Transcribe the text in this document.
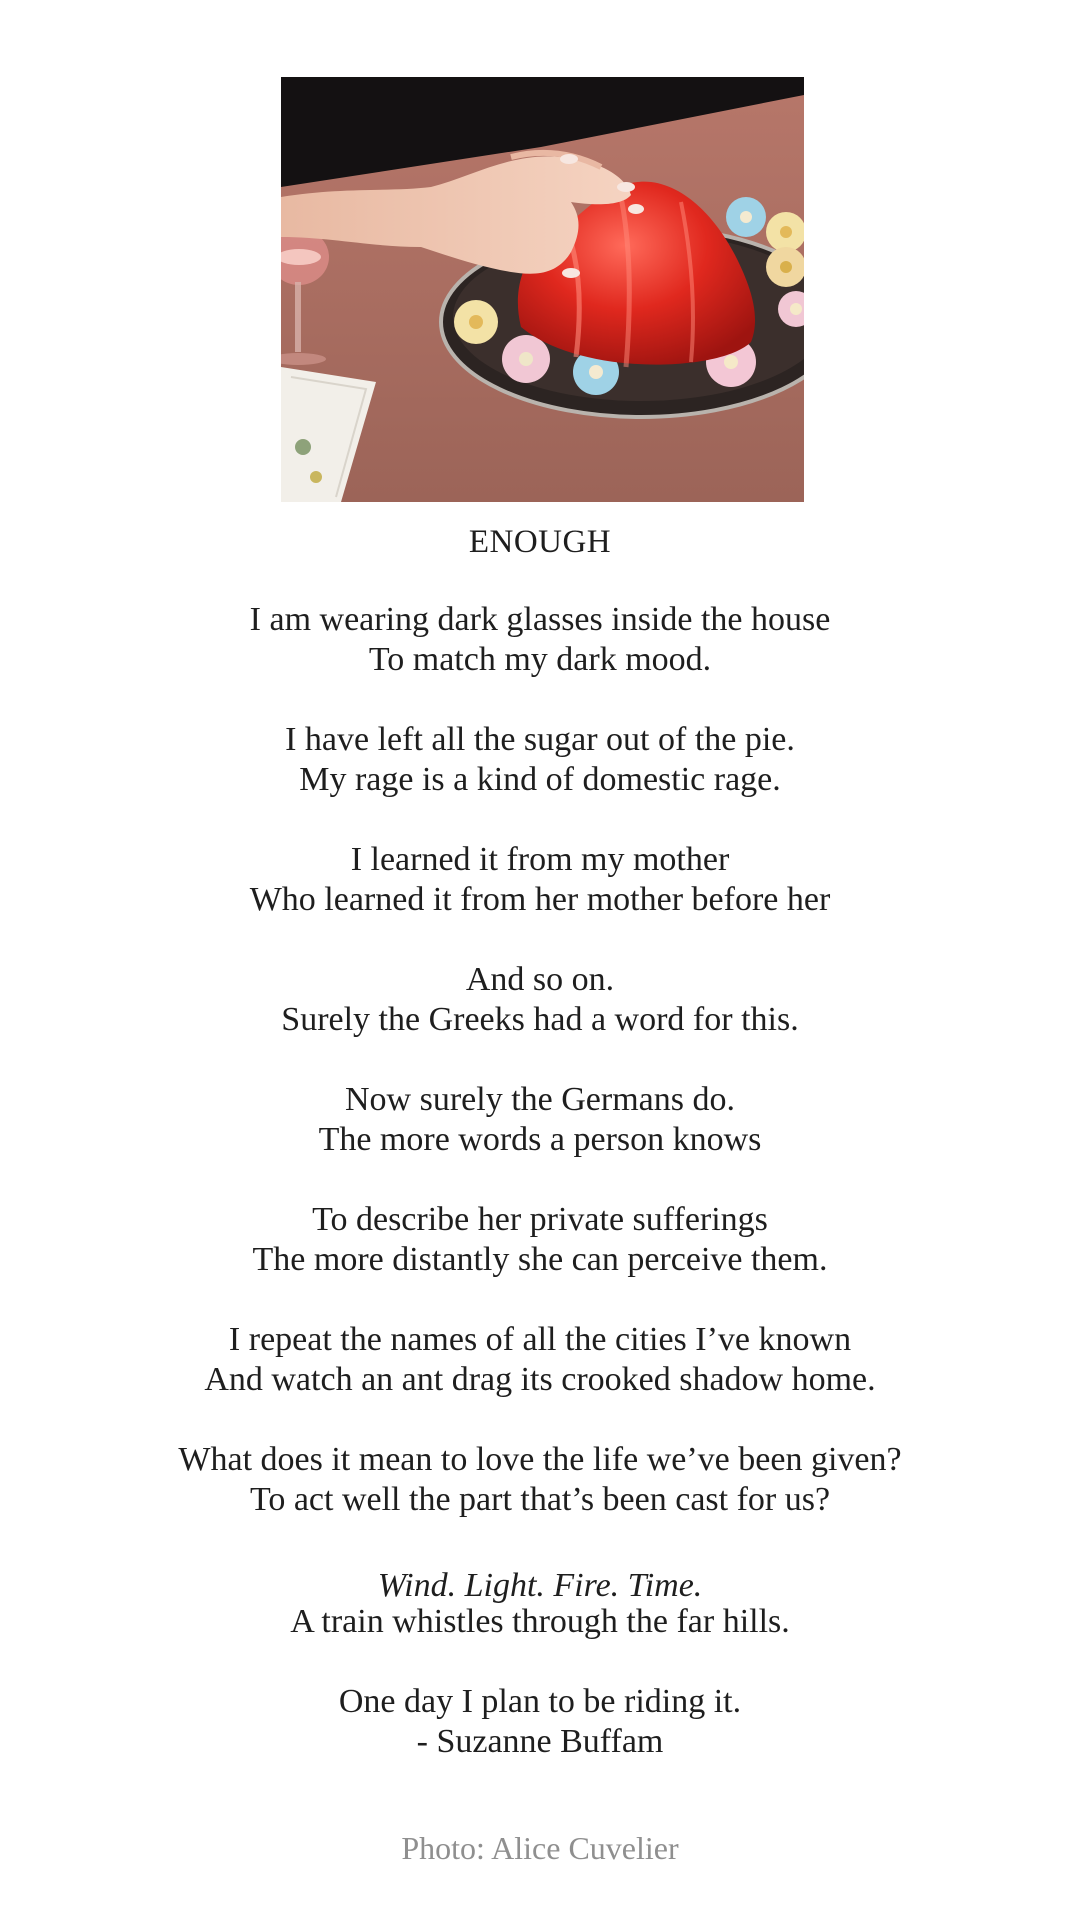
ENOUGH
I am wearing dark glasses inside the house
To match my dark mood.
I have left all the sugar out of the pie.
My rage is a kind of domestic rage.
I learned it from my mother
Who learned it from her mother before her
And so on.
Surely the Greeks had a word for this.
Now surely the Germans do.
The more words a person knows
To describe her private sufferings
The more distantly she can perceive them.
I repeat the names of all the cities I’ve known
And watch an ant drag its crooked shadow home.
What does it mean to love the life we’ve been given?
To act well the part that’s been cast for us?
Wind. Light. Fire. Time.
A train whistles through the far hills.
One day I plan to be riding it.
- Suzanne Buffam
Photo: Alice Cuvelier
